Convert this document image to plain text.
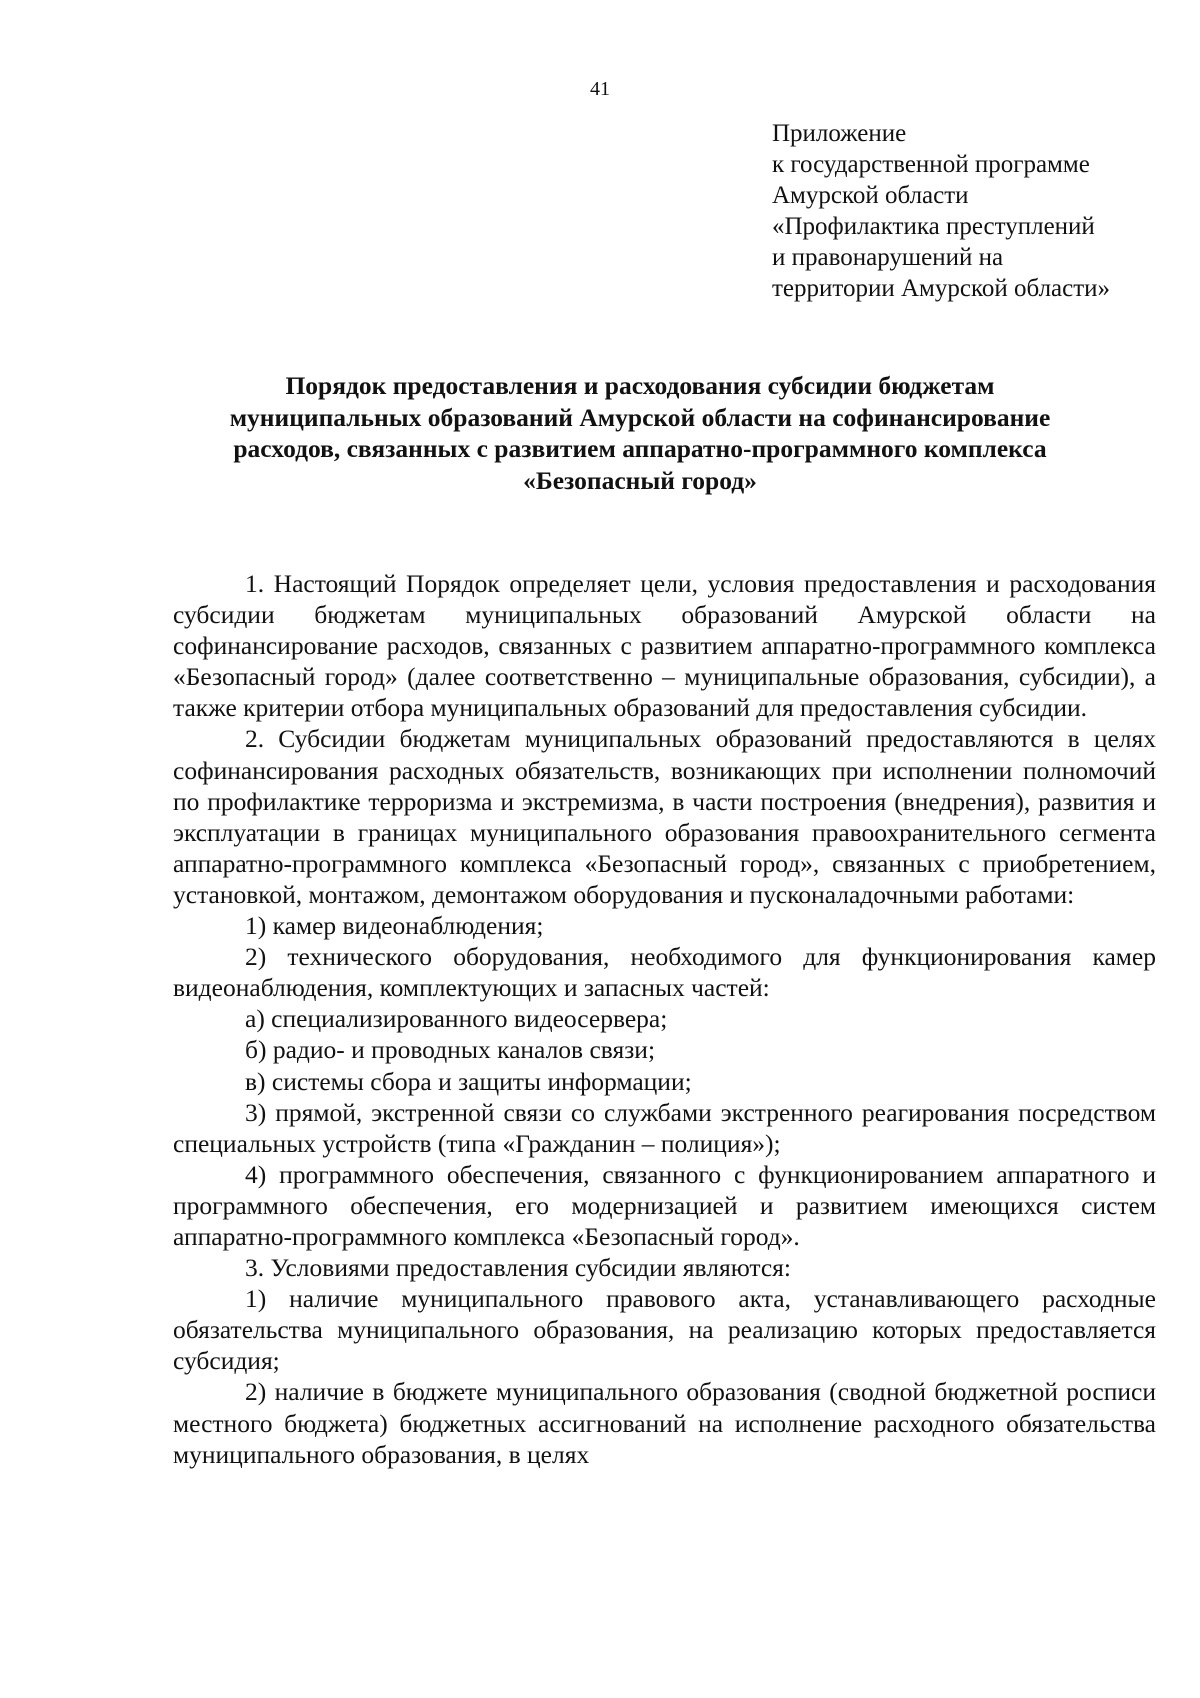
41
Приложение
к государственной программе
Амурской области
«Профилактика преступлений
и правонарушений на
территории Амурской области»
Порядок предоставления и расходования субсидии бюджетам
муниципальных образований Амурской области на софинансирование
расходов, связанных с развитием аппаратно-программного комплекса
«Безопасный город»

1. Настоящий Порядок определяет цели, условия предоставления и расходования субсидии бюджетам муниципальных образований Амурской области на софинансирование расходов, связанных с развитием аппаратно-программного комплекса «Безопасный город» (далее соответственно – муниципальные образования, субсидии), а также критерии отбора муниципальных образований для предоставления субсидии.

2. Субсидии бюджетам муниципальных образований предоставляются в целях софинансирования расходных обязательств, возникающих при исполнении полномочий по профилактике терроризма и экстремизма, в части построения (внедрения), развития и эксплуатации в границах муниципального образования правоохранительного сегмента аппаратно-программного комплекса «Безопасный город», связанных с приобретением, установкой, монтажом, демонтажом оборудования и пусконаладочными работами:

1) камер видеонаблюдения;

2) технического оборудования, необходимого для функционирования камер видеонаблюдения, комплектующих и запасных частей:

а) специализированного видеосервера;

б) радио- и проводных каналов связи;

в) системы сбора и защиты информации;

3) прямой, экстренной связи со службами экстренного реагирования посредством специальных устройств (типа «Гражданин – полиция»);

4) программного обеспечения, связанного с функционированием аппаратного и программного обеспечения, его модернизацией и развитием имеющихся систем аппаратно-программного комплекса «Безопасный город».

3. Условиями предоставления субсидии являются:

1) наличие муниципального правового акта, устанавливающего расходные обязательства муниципального образования, на реализацию которых предоставляется субсидия;

2) наличие в бюджете муниципального образования (сводной бюджетной росписи местного бюджета) бюджетных ассигнований на исполнение расходного обязательства муниципального образования, в целях
